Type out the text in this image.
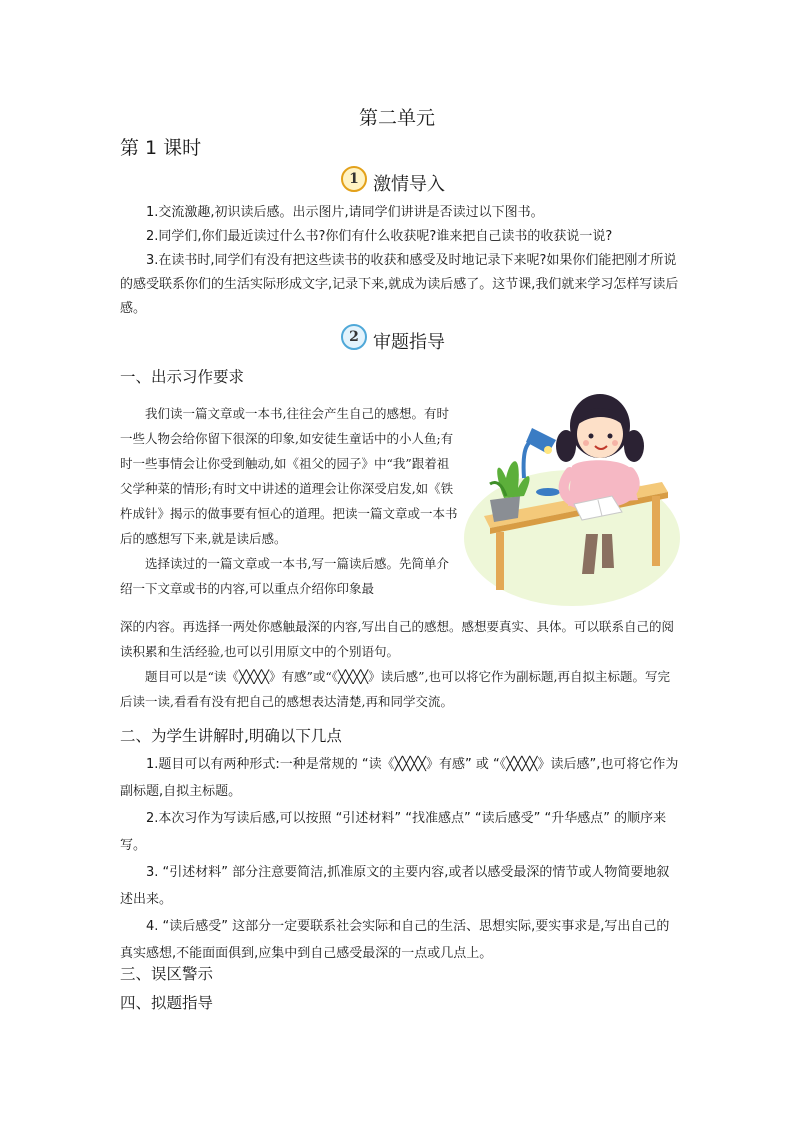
第二单元
第 1 课时
1 激情导入

1.交流激趣,初识读后感。出示图片,请同学们讲讲是否读过以下图书。

2.同学们,你们最近读过什么书?你们有什么收获呢?谁来把自己读书的收获说一说?

3.在读书时,同学们有没有把这些读书的收获和感受及时地记录下来呢?如果你们能把刚才所说的感受联系你们的生活实际形成文字,记录下来,就成为读后感了。这节课,我们就来学习怎样写读后感。

2 审题指导
一、出示习作要求

我们读一篇文章或一本书,往往会产生自己的感想。有时一些人物会给你留下很深的印象,如安徒生童话中的小人鱼;有时一些事情会让你受到触动,如《祖父的园子》中“我”跟着祖父学种菜的情形;有时文中讲述的道理会让你深受启发,如《铁杵成针》揭示的做事要有恒心的道理。把读一篇文章或一本书后的感想写下来,就是读后感。

选择读过的一篇文章或一本书,写一篇读后感。先简单介绍一下文章或书的内容,可以重点介绍你印象最

深的内容。再选择一两处你感触最深的内容,写出自己的感想。感想要真实、具体。可以联系自己的阅读积累和生活经验,也可以引用原文中的个别语句。

题目可以是“读《╳╳╳╳》有感”或“《╳╳╳╳》读后感”,也可以将它作为副标题,再自拟主标题。写完后读一读,看看有没有把自己的感想表达清楚,再和同学交流。

二、为学生讲解时,明确以下几点

1.题目可以有两种形式:一种是常规的 “读《╳╳╳╳》有感” 或 “《╳╳╳╳》读后感”,也可将它作为副标题,自拟主标题。

2.本次习作为写读后感,可以按照 “引述材料” “找准感点” “读后感受” “升华感点” 的顺序来写。

3. “引述材料” 部分注意要简洁,抓准原文的主要内容,或者以感受最深的情节或人物简要地叙述出来。

4. “读后感受” 这部分一定要联系社会实际和自己的生活、思想实际,要实事求是,写出自己的真实感想,不能面面俱到,应集中到自己感受最深的一点或几点上。

三、误区警示
四、拟题指导
